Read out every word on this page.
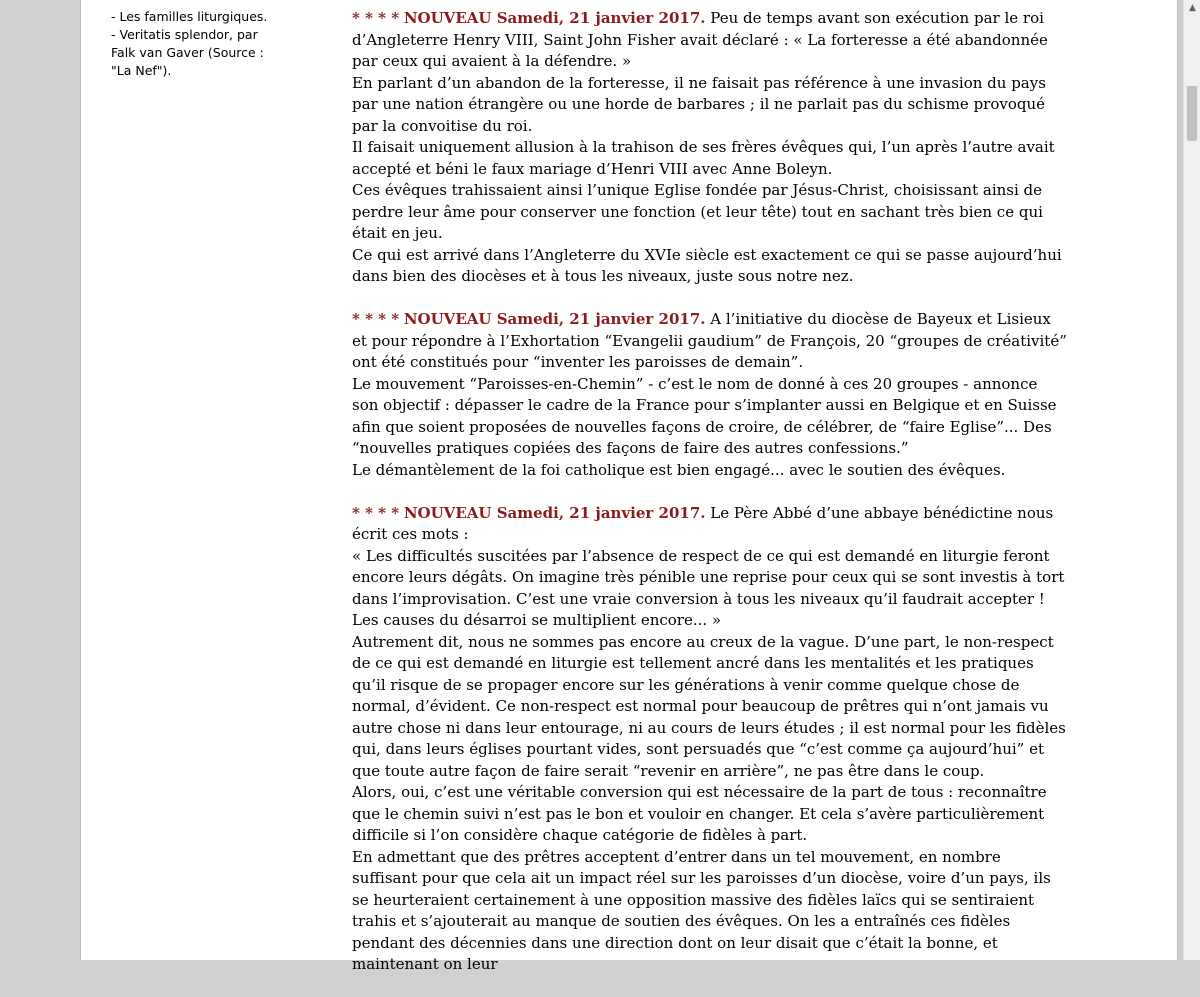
- Les familles liturgiques.
- Veritatis splendor, par
Falk van Gaver (Source :
"La Nef").

* * * * NOUVEAU Samedi, 21 janvier 2017. Peu de temps avant son exécution par le roi d’Angleterre Henry VIII, Saint John Fisher avait déclaré : « La forteresse a été abandonnée par ceux qui avaient à la défendre. »

En parlant d’un abandon de la forteresse, il ne faisait pas référence à une invasion du pays par une nation étrangère ou une horde de barbares ; il ne parlait pas du schisme provoqué par la convoitise du roi.

Il faisait uniquement allusion à la trahison de ses frères évêques qui, l’un après l’autre avait accepté et béni le faux mariage d’Henri VIII avec Anne Boleyn.

Ces évêques trahissaient ainsi l’unique Eglise fondée par Jésus-Christ, choisissant ainsi de perdre leur âme pour conserver une fonction (et leur tête) tout en sachant très bien ce qui était en jeu.

Ce qui est arrivé dans l’Angleterre du XVIe siècle est exactement ce qui se passe aujourd’hui dans bien des diocèses et à tous les niveaux, juste sous notre nez.

* * * * NOUVEAU Samedi, 21 janvier 2017. A l’initiative du diocèse de Bayeux et Lisieux et pour répondre à l’Exhortation “Evangelii gaudium” de François, 20 “groupes de créativité” ont été constitués pour “inventer les paroisses de demain”.

Le mouvement “Paroisses-en-Chemin” - c’est le nom de donné à ces 20 groupes - annonce son objectif : dépasser le cadre de la France pour s’implanter aussi en Belgique et en Suisse afin que soient proposées de nouvelles façons de croire, de célébrer, de “faire Eglise”... Des “nouvelles pratiques copiées des façons de faire des autres confessions.”

Le démantèlement de la foi catholique est bien engagé... avec le soutien des évêques.

* * * * NOUVEAU Samedi, 21 janvier 2017. Le Père Abbé d’une abbaye bénédictine nous écrit ces mots :

« Les difficultés suscitées par l’absence de respect de ce qui est demandé en liturgie feront encore leurs dégâts. On imagine très pénible une reprise pour ceux qui se sont investis à tort dans l’improvisation. C’est une vraie conversion à tous les niveaux qu’il faudrait accepter ! Les causes du désarroi se multiplient encore... »

Autrement dit, nous ne sommes pas encore au creux de la vague. D’une part, le non-respect de ce qui est demandé en liturgie est tellement ancré dans les mentalités et les pratiques qu’il risque de se propager encore sur les générations à venir comme quelque chose de normal, d’évident. Ce non-respect est normal pour beaucoup de prêtres qui n’ont jamais vu autre chose ni dans leur entourage, ni au cours de leurs études ; il est normal pour les fidèles qui, dans leurs églises pourtant vides, sont persuadés que “c’est comme ça aujourd’hui” et que toute autre façon de faire serait “revenir en arrière”, ne pas être dans le coup.

Alors, oui, c’est une véritable conversion qui est nécessaire de la part de tous : reconnaître que le chemin suivi n’est pas le bon et vouloir en changer. Et cela s’avère particulièrement difficile si l’on considère chaque catégorie de fidèles à part.

En admettant que des prêtres acceptent d’entrer dans un tel mouvement, en nombre suffisant pour que cela ait un impact réel sur les paroisses d’un diocèse, voire d’un pays, ils se heurteraient certainement à une opposition massive des fidèles laïcs qui se sentiraient trahis et s’ajouterait au manque de soutien des évêques. On les a entraînés ces fidèles pendant des décennies dans une direction dont on leur disait que c’était la bonne, et maintenant on leur

▲
